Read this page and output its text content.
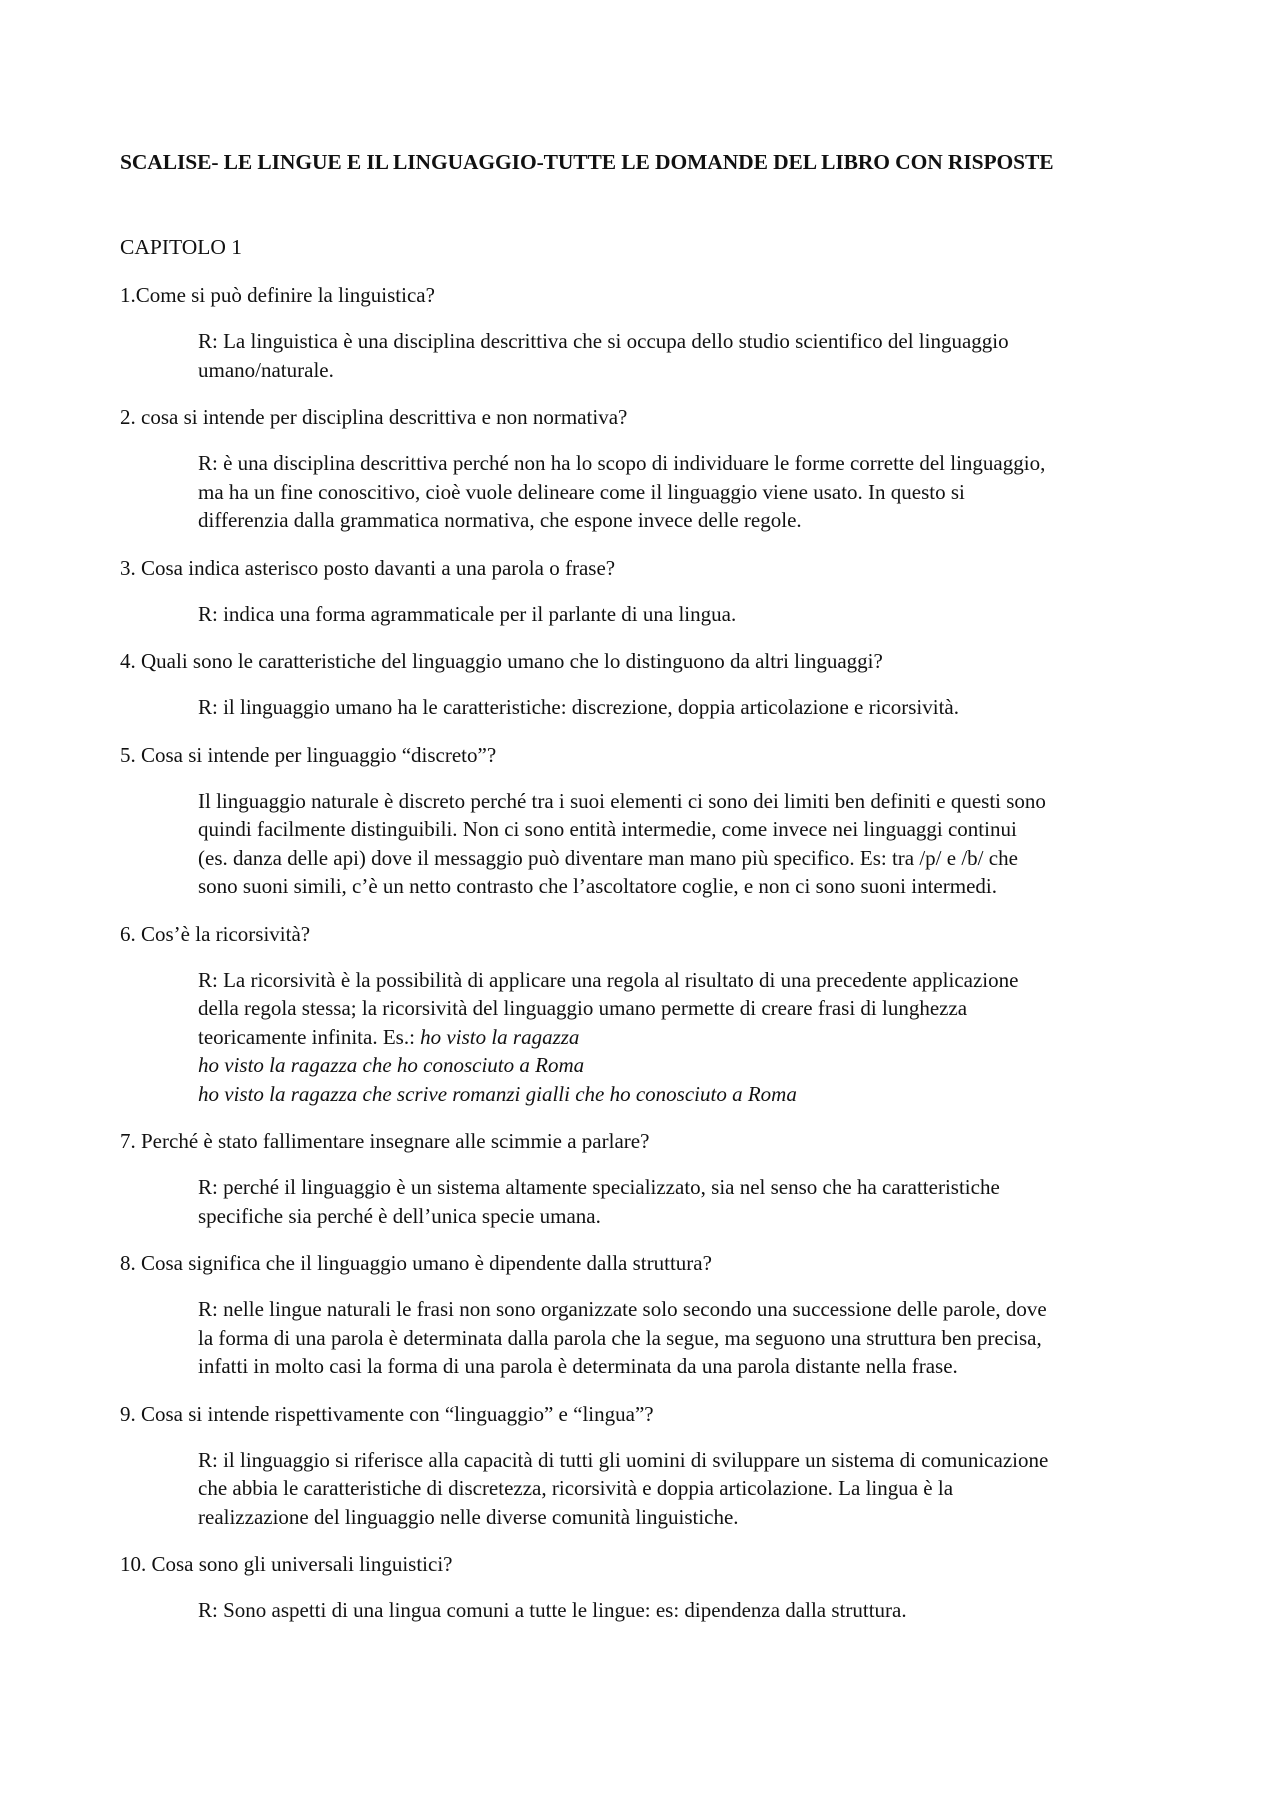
SCALISE- LE LINGUE E IL LINGUAGGIO-TUTTE LE DOMANDE DEL LIBRO CON RISPOSTE

CAPITOLO 1

1.Come si può definire la linguistica?

R: La linguistica è una disciplina descrittiva che si occupa dello studio scientifico del linguaggio
umano/naturale.

2. cosa si intende per disciplina descrittiva e non normativa?

R: è una disciplina descrittiva perché non ha lo scopo di individuare le forme corrette del linguaggio,
ma ha un fine conoscitivo, cioè vuole delineare come il linguaggio viene usato. In questo si
differenzia dalla grammatica normativa, che espone invece delle regole.

3. Cosa indica asterisco posto davanti a una parola o frase?

R: indica una forma agrammaticale per il parlante di una lingua.

4. Quali sono le caratteristiche del linguaggio umano che lo distinguono da altri linguaggi?

R: il linguaggio umano ha le caratteristiche: discrezione, doppia articolazione e ricorsività.

5. Cosa si intende per linguaggio “discreto”?

Il linguaggio naturale è discreto perché tra i suoi elementi ci sono dei limiti ben definiti e questi sono
quindi facilmente distinguibili. Non ci sono entità intermedie, come invece nei linguaggi continui
(es. danza delle api) dove il messaggio può diventare man mano più specifico. Es: tra /p/ e /b/ che
sono suoni simili, c’è un netto contrasto che l’ascoltatore coglie, e non ci sono suoni intermedi.

6. Cos’è la ricorsività?

R: La ricorsività è la possibilità di applicare una regola al risultato di una precedente applicazione
della regola stessa; la ricorsività del linguaggio umano permette di creare frasi di lunghezza
teoricamente infinita. Es.: ho visto la ragazza
ho visto la ragazza che ho conosciuto a Roma
ho visto la ragazza che scrive romanzi gialli che ho conosciuto a Roma

7. Perché è stato fallimentare insegnare alle scimmie a parlare?

R: perché il linguaggio è un sistema altamente specializzato, sia nel senso che ha caratteristiche
specifiche sia perché è dell’unica specie umana.

8. Cosa significa che il linguaggio umano è dipendente dalla struttura?

R: nelle lingue naturali le frasi non sono organizzate solo secondo una successione delle parole, dove
la forma di una parola è determinata dalla parola che la segue, ma seguono una struttura ben precisa,
infatti in molto casi la forma di una parola è determinata da una parola distante nella frase.

9. Cosa si intende rispettivamente con “linguaggio” e “lingua”?

R: il linguaggio si riferisce alla capacità di tutti gli uomini di sviluppare un sistema di comunicazione
che abbia le caratteristiche di discretezza, ricorsività e doppia articolazione. La lingua è la
realizzazione del linguaggio nelle diverse comunità linguistiche.

10. Cosa sono gli universali linguistici?

R: Sono aspetti di una lingua comuni a tutte le lingue: es: dipendenza dalla struttura.
